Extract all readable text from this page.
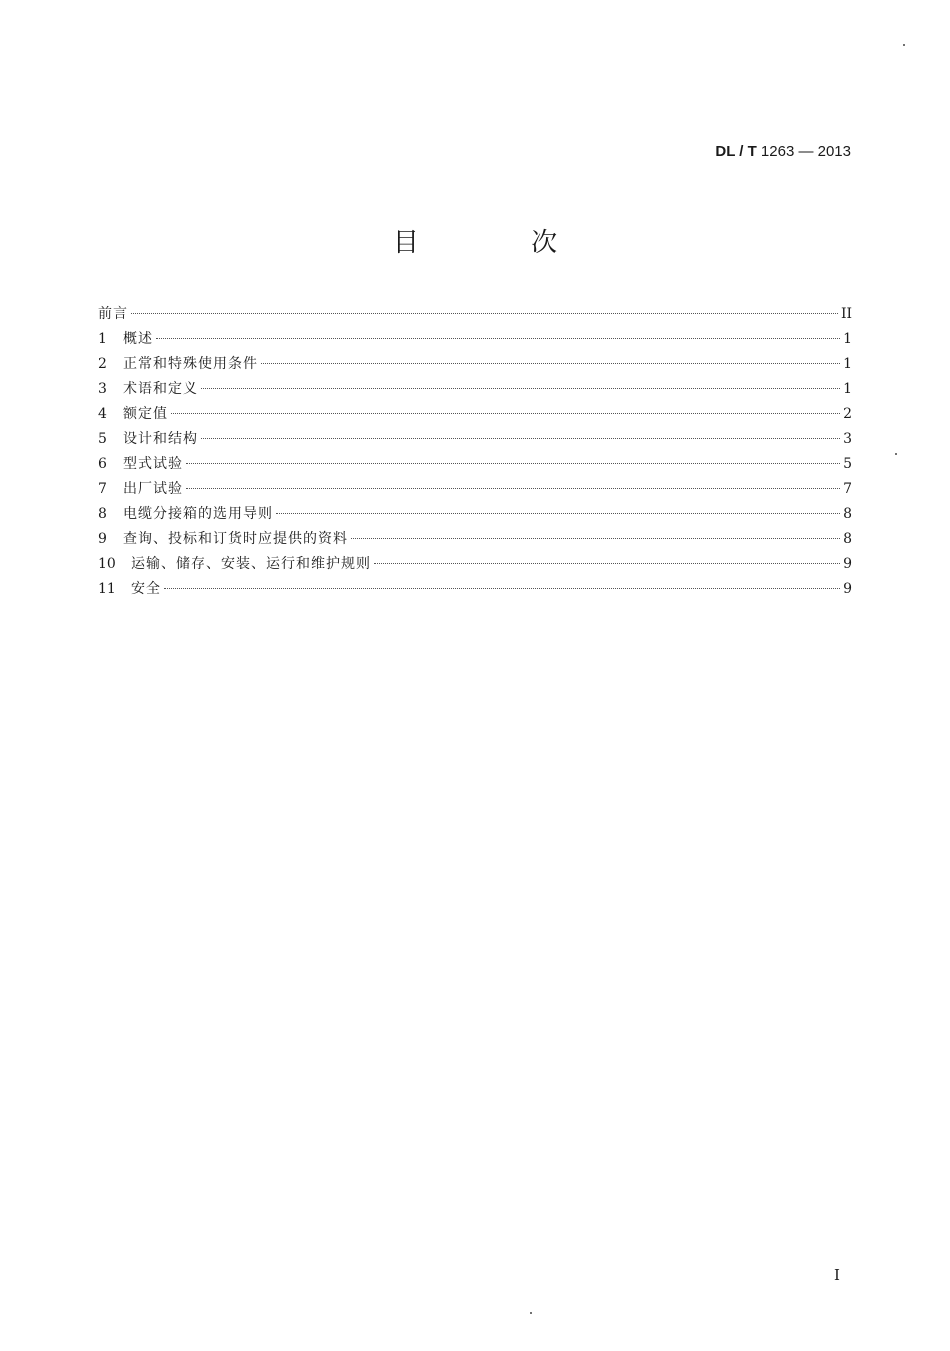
DL / T 1263 — 2013
目 次
前言	II
1	概述	1
2	正常和特殊使用条件	1
3	术语和定义	1
4	额定值	2
5	设计和结构	3
6	型式试验	5
7	出厂试验	7
8	电缆分接箱的选用导则	8
9	查询、投标和订货时应提供的资料	8
10	运输、储存、安装、运行和维护规则	9
11	安全	9
I
